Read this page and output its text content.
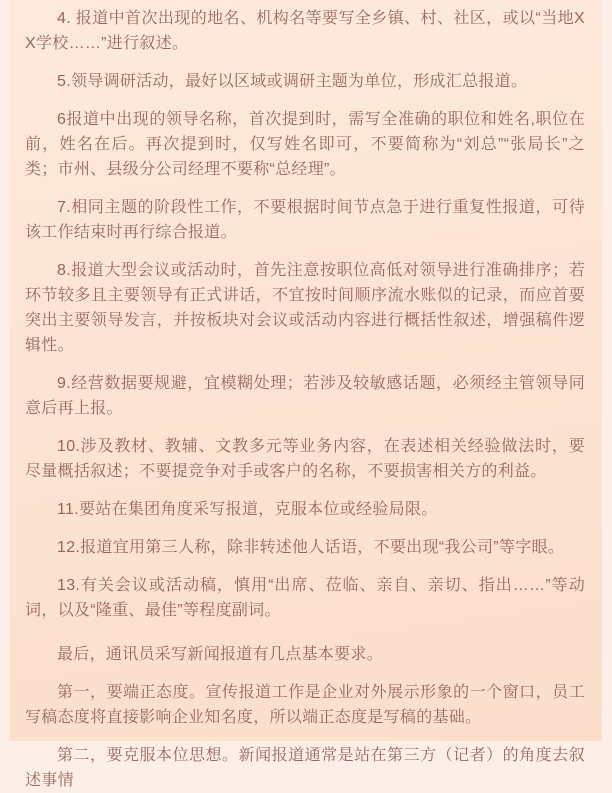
4. 报道中首次出现的地名、机构名等要写全乡镇、村、社区，或以“当地XX学校……”进行叙述。

5.领导调研活动，最好以区域或调研主题为单位，形成汇总报道。

6报道中出现的领导名称，首次提到时，需写全准确的职位和姓名,职位在前，姓名在后。再次提到时，仅写姓名即可，不要简称为“刘总”“张局长”之类；市州、县级分公司经理不要称“总经理”。

7.相同主题的阶段性工作，不要根据时间节点急于进行重复性报道，可待该工作结束时再行综合报道。

8.报道大型会议或活动时，首先注意按职位高低对领导进行准确排序；若环节较多且主要领导有正式讲话，不宜按时间顺序流水账似的记录，而应首要突出主要领导发言，并按板块对会议或活动内容进行概括性叙述，增强稿件逻辑性。

9.经营数据要规避，宜模糊处理；若涉及较敏感话题，必须经主管领导同意后再上报。

10.涉及教材、教辅、文教多元等业务内容，在表述相关经验做法时，要尽量概括叙述；不要提竞争对手或客户的名称，不要损害相关方的利益。

11.要站在集团角度采写报道，克服本位或经验局限。

12.报道宜用第三人称，除非转述他人话语，不要出现“我公司”等字眼。

13.有关会议或活动稿，慎用“出席、莅临、亲自、亲切、指出……”等动词，以及“隆重、最佳”等程度副词。

最后，通讯员采写新闻报道有几点基本要求。

第一，要端正态度。宣传报道工作是企业对外展示形象的一个窗口，员工写稿态度将直接影响企业知名度，所以端正态度是写稿的基础。

第二，要克服本位思想。新闻报道通常是站在第三方（记者）的角度去叙述事情
